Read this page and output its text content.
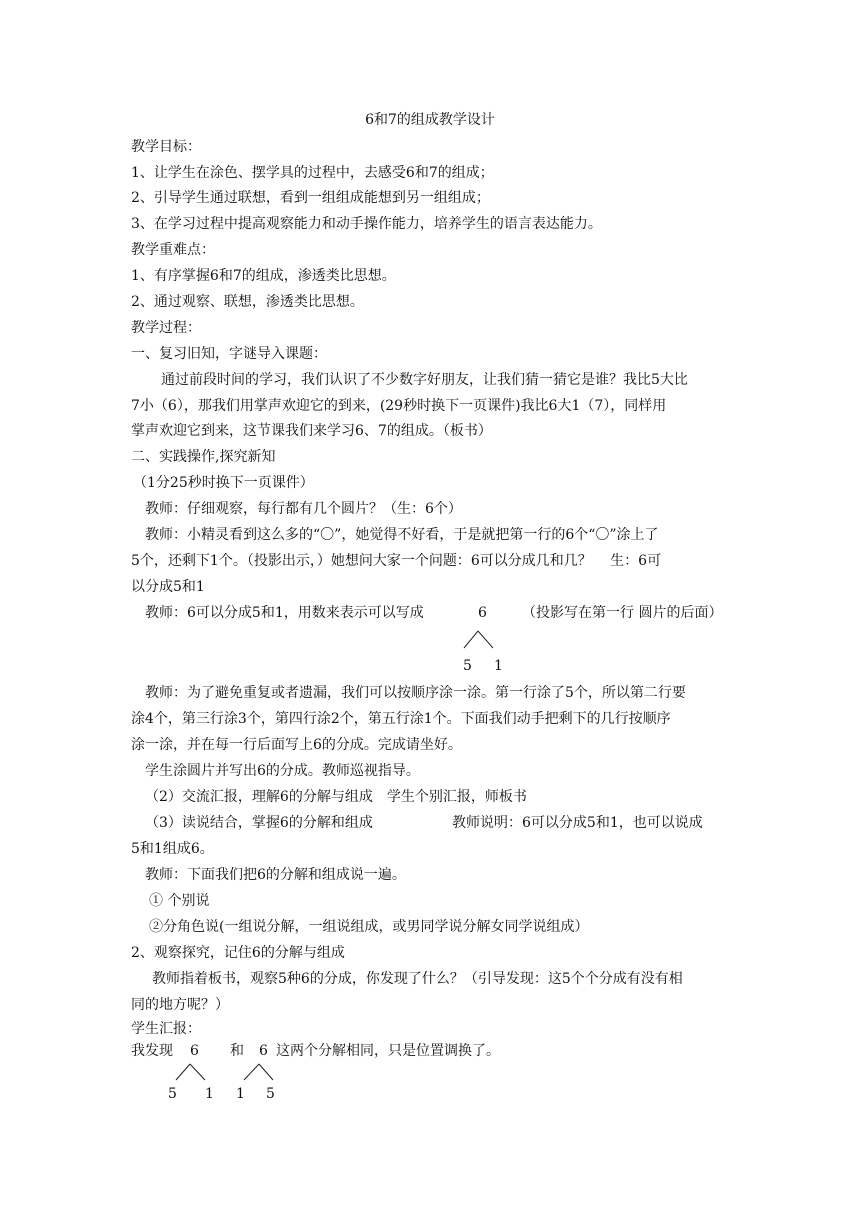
6和7的组成教学设计
教学目标：
1、让学生在涂色、摆学具的过程中，去感受6和7的组成；
2、引导学生通过联想，看到一组组成能想到另一组组成；
3、在学习过程中提高观察能力和动手操作能力，培养学生的语言表达能力。
教学重难点：
1、有序掌握6和7的组成，渗透类比思想。
2、通过观察、联想，渗透类比思想。
教学过程：
一、复习旧知，字谜导入课题：
通过前段时间的学习，我们认识了不少数字好朋友，让我们猜一猜它是谁？我比5大比
7小（6），那我们用掌声欢迎它的到来，(29秒时换下一页课件)我比6大1（7），同样用
掌声欢迎它到来，这节课我们来学习6、7的组成。（板书）
二、实践操作,探究新知
（1分25秒时换下一页课件）
教师：仔细观察，每行都有几个圆片？（生：6个）
教师：小精灵看到这么多的“〇”，她觉得不好看，于是就把第一行的6个“〇”涂上了
5个，还剩下1个。（投影出示，）她想问大家一个问题：6可以分成几和几？　 生：6可
以分成5和1
教师：6可以分成5和1，用数来表示可以写成	6	（投影写在第一行 圆片的后面）
5 1
教师：为了避免重复或者遗漏，我们可以按顺序涂一涂。第一行涂了5个，所以第二行要
涂4个，第三行涂3个，第四行涂2个，第五行涂1个。下面我们动手把剩下的几行按顺序
涂一涂，并在每一行后面写上6的分成。完成请坐好。
学生涂圆片并写出6的分成。教师巡视指导。
（2）交流汇报，理解6的分解与组成　学生个别汇报，师板书
（3）读说结合，掌握6的分解和组成	教师说明：6可以分成5和1，也可以说成
5和1组成6。
教师：下面我们把6的分解和组成说一遍。
① 个别说
②分角色说(一组说分解，一组说组成，或男同学说分解女同学说组成）
2、观察探究，记住6的分解与组成
教师指着板书，观察5种6的分成，你发现了什么？（引导发现：这5个个分成有没有相
同的地方呢？）
学生汇报：
我发现 6 和 6 这两个分解相同，只是位置调换了。
5 1 1 5
